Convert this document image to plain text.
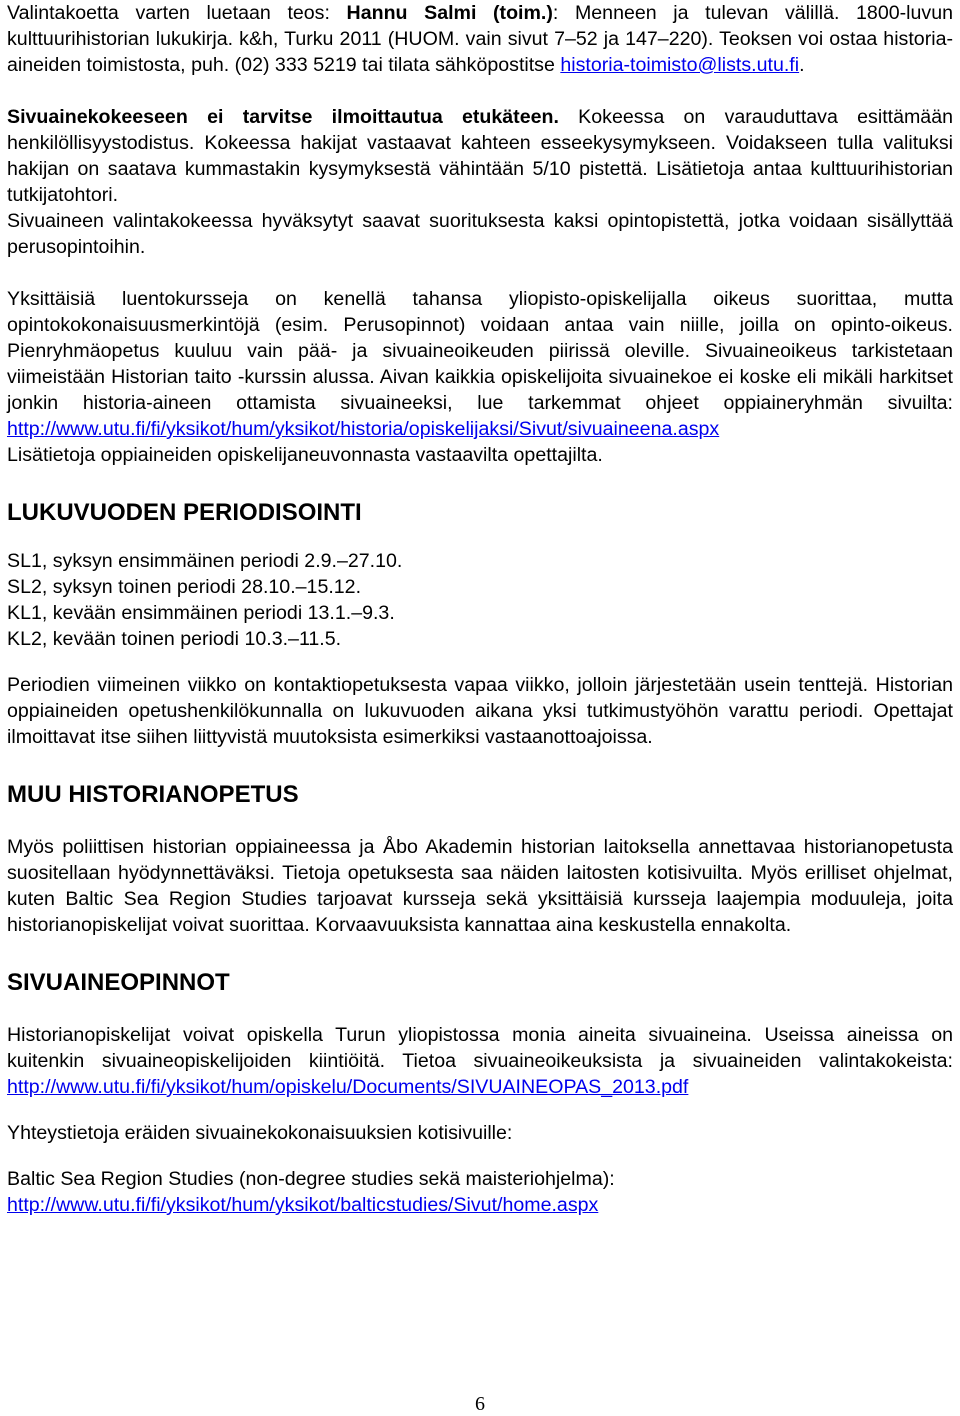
Valintakoetta varten luetaan teos: Hannu Salmi (toim.): Menneen ja tulevan välillä. 1800-luvun kulttuurihistorian lukukirja. k&h, Turku 2011 (HUOM. vain sivut 7–52 ja 147–220). Teoksen voi ostaa historia-aineiden toimistosta, puh. (02) 333 5219 tai tilata sähköpostitse historia-toimisto@lists.utu.fi.

Sivuainekokeeseen ei tarvitse ilmoittautua etukäteen. Kokeessa on varauduttava esittämään henkilöllisyystodistus. Kokeessa hakijat vastaavat kahteen esseekysymykseen. Voidakseen tulla valituksi hakijan on saatava kummastakin kysymyksestä vähintään 5/10 pistettä. Lisätietoja antaa kulttuurihistorian tutkijatohtori.

Sivuaineen valintakokeessa hyväksytyt saavat suorituksesta kaksi opintopistettä, jotka voidaan sisällyttää perusopintoihin.

Yksittäisiä luentokursseja on kenellä tahansa yliopisto-opiskelijalla oikeus suorittaa, mutta opintokokonaisuusmerkintöjä (esim. Perusopinnot) voidaan antaa vain niille, joilla on opinto-oikeus. Pienryhmäopetus kuuluu vain pää- ja sivuaineoikeuden piirissä oleville. Sivuaineoikeus tarkistetaan viimeistään Historian taito -kurssin alussa. Aivan kaikkia opiskelijoita sivuainekoe ei koske eli mikäli harkitset jonkin historia-aineen ottamista sivuaineeksi, lue tarkemmat ohjeet oppiaineryhmän sivuilta: http://www.utu.fi/fi/yksikot/hum/yksikot/historia/opiskelijaksi/Sivut/sivuaineena.aspx

Lisätietoja oppiaineiden opiskelijaneuvonnasta vastaavilta opettajilta.

LUKUVUODEN PERIODISOINTI

SL1, syksyn ensimmäinen periodi 2.9.–27.10.

SL2, syksyn toinen periodi 28.10.–15.12.

KL1, kevään ensimmäinen periodi 13.1.–9.3.

KL2, kevään toinen periodi 10.3.–11.5.

Periodien viimeinen viikko on kontaktiopetuksesta vapaa viikko, jolloin järjestetään usein tenttejä. Historian oppiaineiden opetushenkilökunnalla on lukuvuoden aikana yksi tutkimustyöhön varattu periodi. Opettajat ilmoittavat itse siihen liittyvistä muutoksista esimerkiksi vastaanottoajoissa.

MUU HISTORIANOPETUS

Myös poliittisen historian oppiaineessa ja Åbo Akademin historian laitoksella annettavaa historianopetusta suositellaan hyödynnettäväksi. Tietoja opetuksesta saa näiden laitosten kotisivuilta. Myös erilliset ohjelmat, kuten Baltic Sea Region Studies tarjoavat kursseja sekä yksittäisiä kursseja laajempia moduuleja, joita historianopiskelijat voivat suorittaa. Korvaavuuksista kannattaa aina keskustella ennakolta.

SIVUAINEOPINNOT

Historianopiskelijat voivat opiskella Turun yliopistossa monia aineita sivuaineina. Useissa aineissa on kuitenkin sivuaineopiskelijoiden kiintiöitä. Tietoa sivuaineoikeuksista ja sivuaineiden valintakokeista: http://www.utu.fi/fi/yksikot/hum/opiskelu/Documents/SIVUAINEOPAS_2013.pdf

Yhteystietoja eräiden sivuainekokonaisuuksien kotisivuille:

Baltic Sea Region Studies (non-degree studies sekä maisteriohjelma):

http://www.utu.fi/fi/yksikot/hum/yksikot/balticstudies/Sivut/home.aspx

6
